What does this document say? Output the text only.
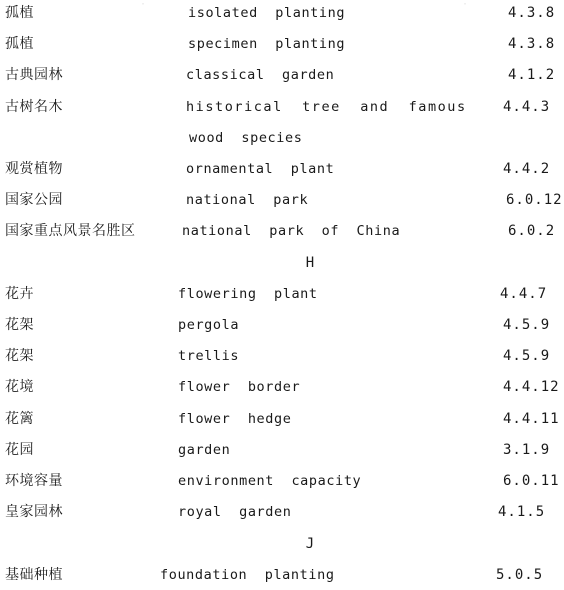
·	·
孤植	isolated  planting	4.3.8
孤植	specimen  planting	4.3.8
古典园林	classical  garden	4.1.2
古树名木	historical  tree  and  famous	4.4.3
wood  species
观赏植物	ornamental  plant	4.4.2
国家公园	national  park	6.0.12
国家重点风景名胜区	national  park  of  China	6.0.2
H
花卉	flowering  plant	4.4.7
花架	pergola	4.5.9
花架	trellis	4.5.9
花境	flower  border	4.4.12
花篱	flower  hedge	4.4.11
花园	garden	3.1.9
环境容量	environment  capacity	6.0.11
皇家园林	royal  garden	4.1.5
J
基础种植	foundation  planting	5.0.5
